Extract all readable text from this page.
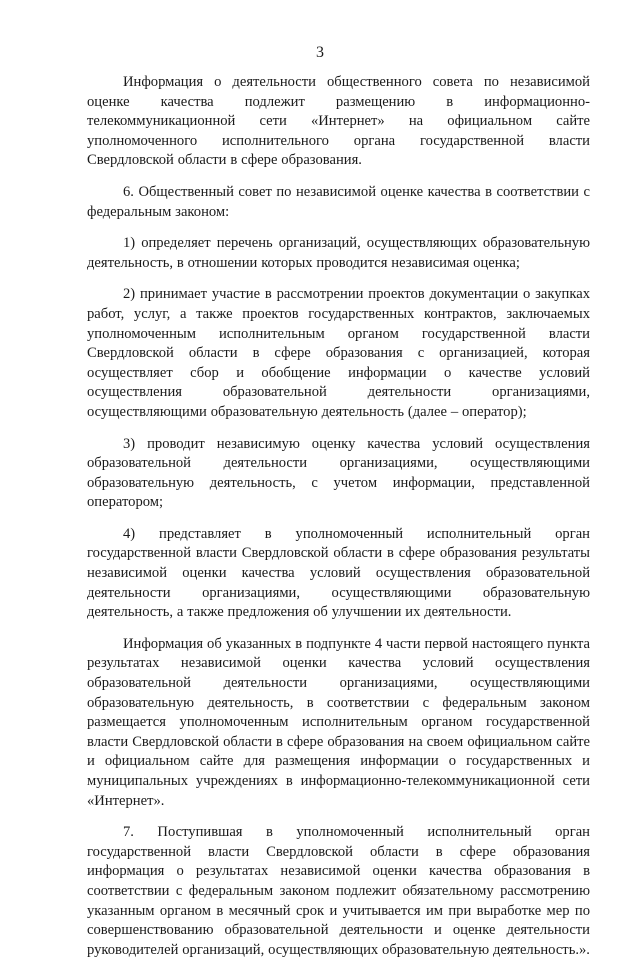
3

Информация о деятельности общественного совета по независимой оценке качества подлежит размещению в информационно-телекоммуникационной сети «Интернет» на официальном сайте уполномоченного исполнительного органа государственной власти Свердловской области в сфере образования.

6. Общественный совет по независимой оценке качества в соответствии с федеральным законом:

1) определяет перечень организаций, осуществляющих образовательную деятельность, в отношении которых проводится независимая оценка;

2) принимает участие в рассмотрении проектов документации о закупках работ, услуг, а также проектов государственных контрактов, заключаемых уполномоченным исполнительным органом государственной власти Свердловской области в сфере образования с организацией, которая осуществляет сбор и обобщение информации о качестве условий осуществления образовательной деятельности организациями, осуществляющими образовательную деятельность (далее – оператор);

3) проводит независимую оценку качества условий осуществления образовательной деятельности организациями, осуществляющими образовательную деятельность, с учетом информации, представленной оператором;

4) представляет в уполномоченный исполнительный орган государственной власти Свердловской области в сфере образования результаты независимой оценки качества условий осуществления образовательной деятельности организациями, осуществляющими образовательную деятельность, а также предложения об улучшении их деятельности.

Информация об указанных в подпункте 4 части первой настоящего пункта результатах независимой оценки качества условий осуществления образовательной деятельности организациями, осуществляющими образовательную деятельность, в соответствии с федеральным законом размещается уполномоченным исполнительным органом государственной власти Свердловской области в сфере образования на своем официальном сайте и официальном сайте для размещения информации о государственных и муниципальных учреждениях в информационно-телекоммуникационной сети «Интернет».

7. Поступившая в уполномоченный исполнительный орган государственной власти Свердловской области в сфере образования информация о результатах независимой оценки качества образования в соответствии с федеральным законом подлежит обязательному рассмотрению указанным органом в месячный срок и учитывается им при выработке мер по совершенствованию образовательной деятельности и оценке деятельности руководителей организаций, осуществляющих образовательную деятельность.».
